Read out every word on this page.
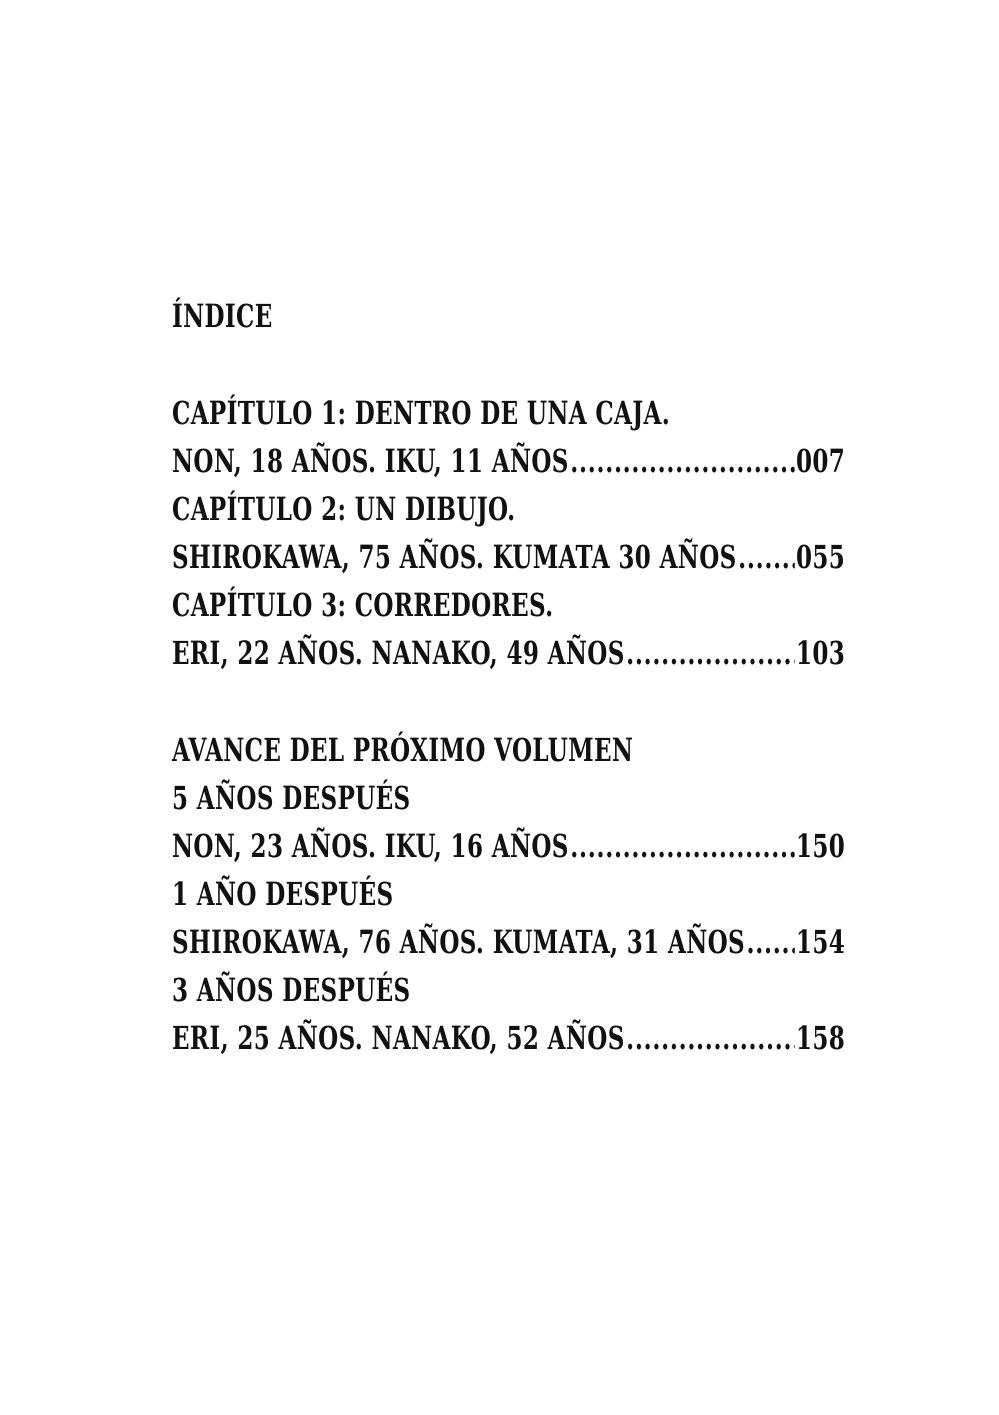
ÍNDICE
CAPÍTULO 1: DENTRO DE UNA CAJA.
NON, 18 AÑOS. IKU, 11 AÑOS .....	007
CAPÍTULO 2: UN DIBUJO.
SHIROKAWA, 75 AÑOS. KUMATA 30 AÑOS ..... 055
CAPÍTULO 3: CORREDORES.
ERI, 22 AÑOS. NANAKO, 49 AÑOS .....	103
AVANCE DEL PRÓXIMO VOLUMEN
5 AÑOS DESPUÉS
NON, 23 AÑOS. IKU, 16 AÑOS .....	150
1 AÑO DESPUÉS
SHIROKAWA, 76 AÑOS. KUMATA, 31 AÑOS ..... 154
3 AÑOS DESPUÉS
ERI, 25 AÑOS. NANAKO, 52 AÑOS .....	158
